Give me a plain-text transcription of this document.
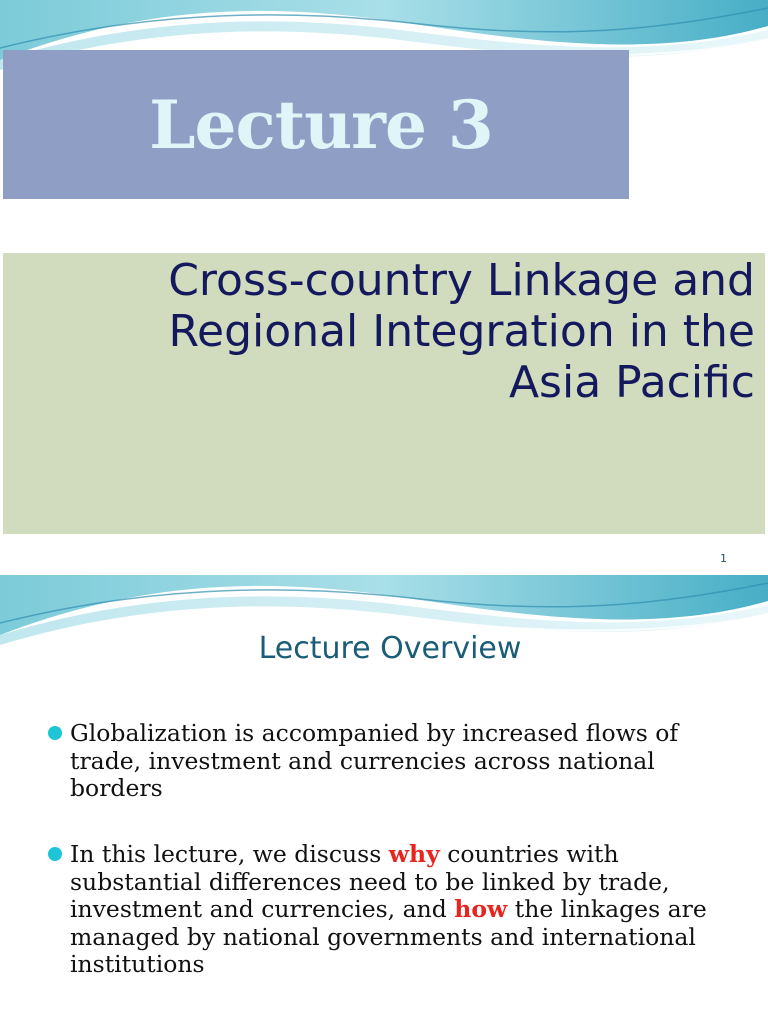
Lecture 3
Cross-country Linkage and Regional Integration in the Asia Pacific
1
Lecture Overview
Globalization is accompanied by increased flows of trade, investment and currencies across national borders
In this lecture, we discuss why countries with substantial differences need to be linked by trade, investment and currencies, and how the linkages are managed by national governments and international institutions
